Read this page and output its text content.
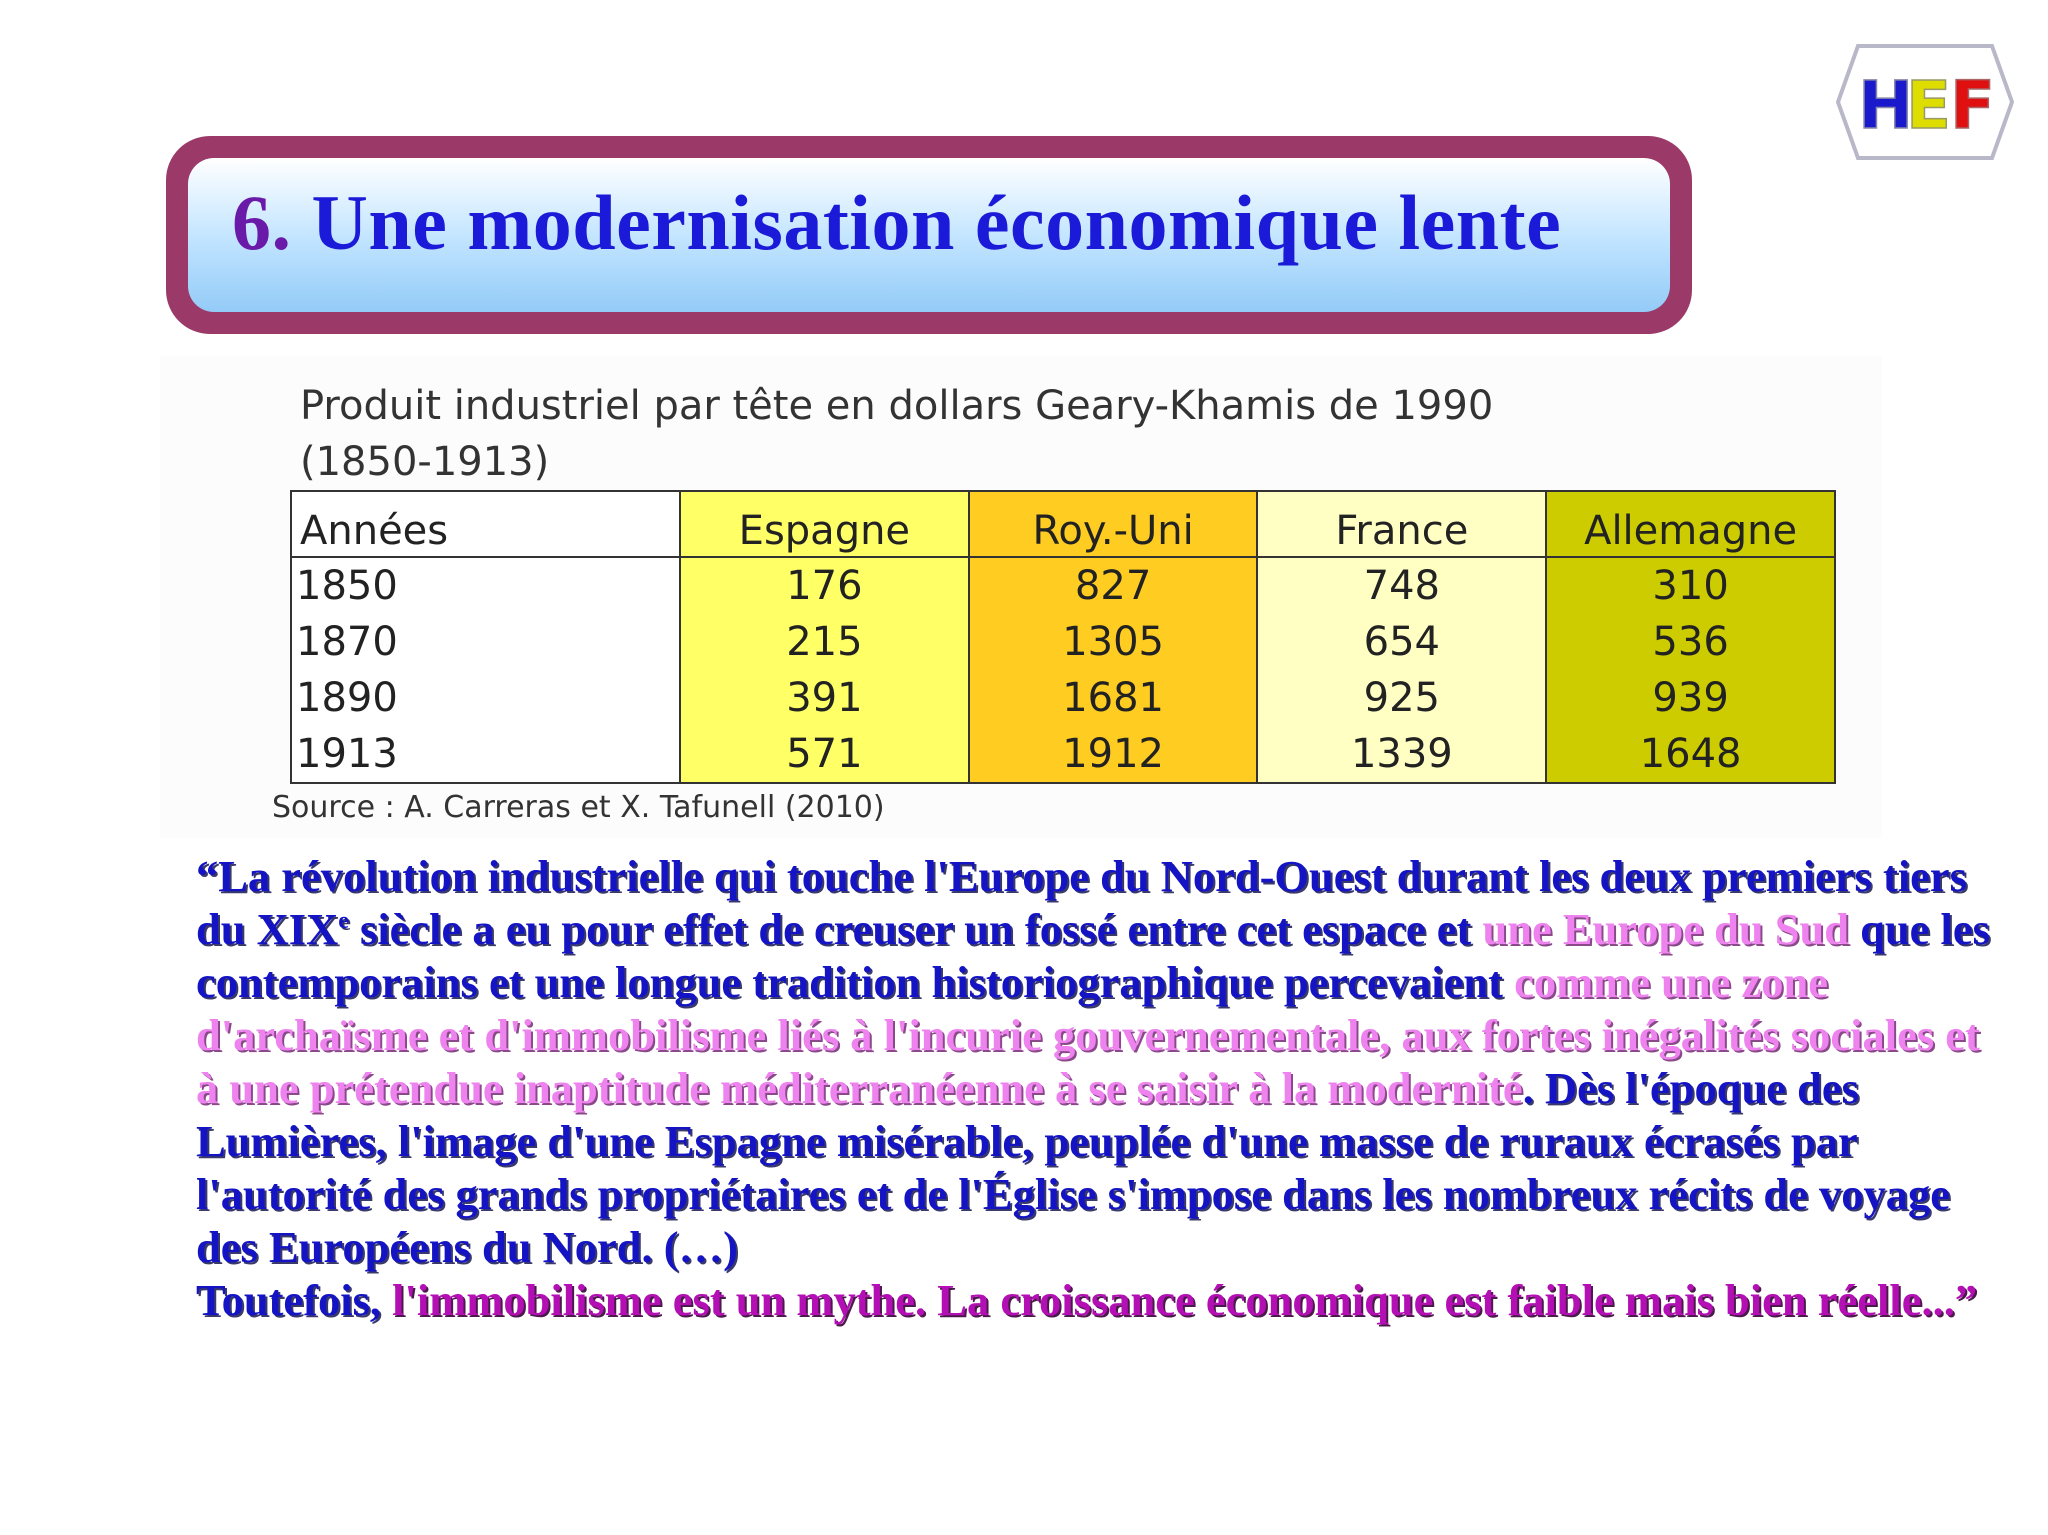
H
E
F
6. Une modernisation économique lente
Produit industriel par tête en dollars Geary-Khamis de 1990
(1850-1913)
Années	Espagne	Roy.-Uni	France	Allemagne
1850	176	827	748	310
1870	215	1305	654	536
1890	391	1681	925	939
1913	571	1912	1339	1648
Source : A. Carreras et X. Tafunell (2010)
“La révolution industrielle qui touche l'Europe du Nord-Ouest durant les deux premiers tiers du XIXe siècle a eu pour effet de creuser un fossé entre cet espace et une Europe du Sud que les contemporains et une longue tradition historiographique percevaient comme une zone d'archaïsme et d'immobilisme liés à l'incurie gouvernementale, aux fortes inégalités sociales et à une prétendue inaptitude méditerranéenne à se saisir à la modernité. Dès l'époque des Lumières, l'image d'une Espagne misérable, peuplée d'une masse de ruraux écrasés par l'autorité des grands propriétaires et de l'Église s'impose dans les nombreux récits de voyage des Européens du Nord. (…)
Toutefois, l'immobilisme est un mythe. La croissance économique est faible mais bien réelle...”
